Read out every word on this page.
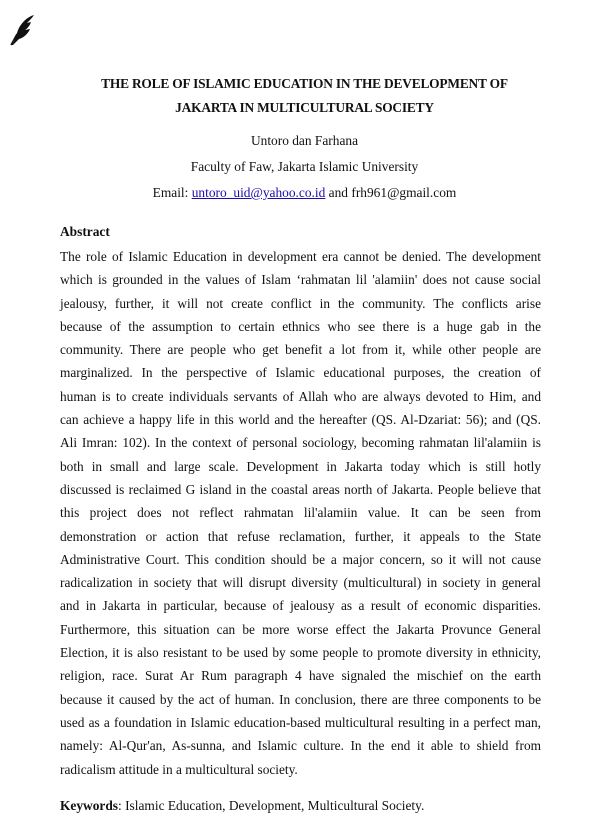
THE ROLE OF ISLAMIC EDUCATION IN THE DEVELOPMENT OF
JAKARTA IN MULTICULTURAL SOCIETY
Untoro dan Farhana
Faculty of Faw, Jakarta Islamic University
Email: untoro_uid@yahoo.co.id and frh961@gmail.com
Abstract
The role of Islamic Education in development era cannot be denied. The development
which is grounded in the values of Islam ‘rahmatan lil 'alamiin' does not cause social
jealousy, further, it will not create conflict in the community. The conflicts arise
because of the assumption to certain ethnics who see there is a huge gab in the
community. There are people who get benefit a lot from it, while other people are
marginalized. In the perspective of Islamic educational purposes, the creation of
human is to create individuals servants of Allah who are always devoted to Him, and
can achieve a happy life in this world and the hereafter (QS. Al-Dzariat: 56); and (QS.
Ali Imran: 102). In the context of personal sociology, becoming rahmatan lil'alamiin is
both in small and large scale. Development in Jakarta today which is still hotly
discussed is reclaimed G island in the coastal areas north of Jakarta. People believe that
this project does not reflect rahmatan lil'alamiin value. It can be seen from
demonstration or action that refuse reclamation, further, it appeals to the State
Administrative Court. This condition should be a major concern, so it will not cause
radicalization in society that will disrupt diversity (multicultural) in society in general
and in Jakarta in particular, because of jealousy as a result of economic disparities.
Furthermore, this situation can be more worse effect the Jakarta Provunce General
Election, it is also resistant to be used by some people to promote diversity in ethnicity,
religion, race. Surat Ar Rum paragraph 4 have signaled the mischief on the earth
because it caused by the act of human. In conclusion, there are three components to be
used as a foundation in Islamic education-based multicultural resulting in a perfect man,
namely: Al-Qur'an, As-sunna, and Islamic culture. In the end it able to shield from
radicalism attitude in a multicultural society.
Keywords: Islamic Education, Development, Multicultural Society.
